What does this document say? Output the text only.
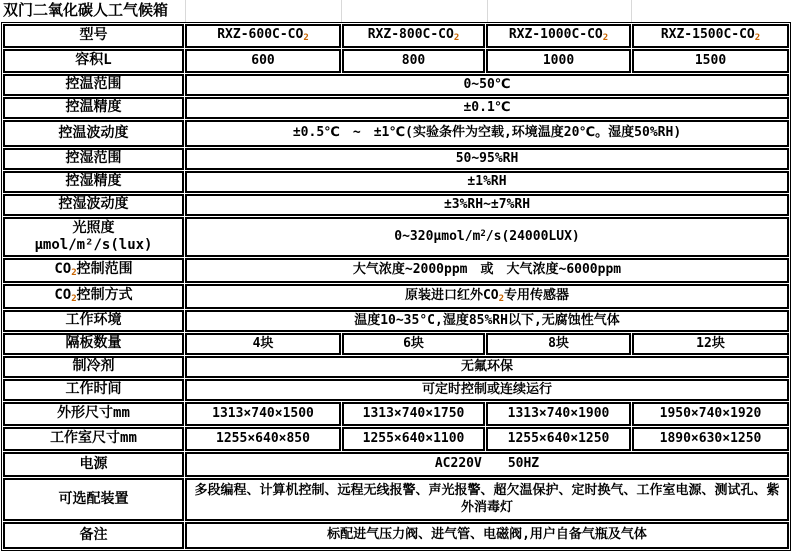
双门二氧化碳人工气候箱
型号	RXZ-$600C-CO_2$	RXZ-$800C-CO_2$	RXZ-$1000C-CO_2$	RXZ-$1500C-CO_2$
容积L	600	800	1000	1500
控温范围	0~50℃			
控温精度	±0.1℃			
控温波动度	±0.5℃　~　±1℃(实验条件为空载,环境温度20℃。湿度50%RH)			
控湿范围	50~95%RH			
控湿精度	±1%RH			
控湿波动度	±3%RH~±7%RH			

光照度
μmol/m²/s(lux)	$0\sim 320\mu mol/m^2/s(24000LUX)$			
$CO_2$控制范围	大气浓度~2000ppm　或　大气浓度~6000ppm			
$CO_2$控制方式	原装进口红外$CO_2$专用传感器			
工作环境	温度10~35°C,湿度85%RH以下,无腐蚀性气体			
隔板数量	4块	6块	8块	12块
制冷剂	无氟环保			
工作时间	可定时控制或连续运行			
外形尺寸mm	1313×740×1500	1313×740×1750	1313×740×1900	1950×740×1920
工作室尺寸mm	1255×640×850	1255×640×1100	1255×640×1250	1890×630×1250
电源	AC220V　　50HZ			
可选配装置	多段编程、计算机控制、远程无线报警、声光报警、超欠温保护、定时换气、工作室电源、测试孔、紫外消毒灯			
备注	标配进气压力阀、进气管、电磁阀,用户自备气瓶及气体			
